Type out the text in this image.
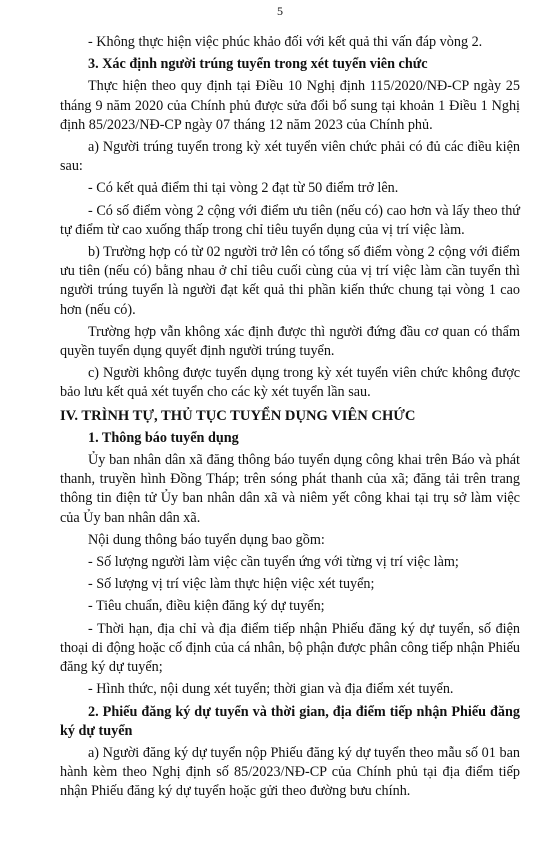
5

- Không thực hiện việc phúc khảo đối với kết quả thi vấn đáp vòng 2.

3. Xác định người trúng tuyển trong xét tuyển viên chức

Thực hiện theo quy định tại Điều 10 Nghị định 115/2020/NĐ-CP ngày 25 tháng 9 năm 2020 của Chính phủ được sửa đổi bổ sung tại khoản 1 Điều 1 Nghị định 85/2023/NĐ-CP ngày 07 tháng 12 năm 2023 của Chính phủ.

a) Người trúng tuyển trong kỳ xét tuyển viên chức phải có đủ các điều kiện sau:

- Có kết quả điểm thi tại vòng 2 đạt từ 50 điểm trở lên.

- Có số điểm vòng 2 cộng với điểm ưu tiên (nếu có) cao hơn và lấy theo thứ tự điểm từ cao xuống thấp trong chỉ tiêu tuyển dụng của vị trí việc làm.

b) Trường hợp có từ 02 người trở lên có tổng số điểm vòng 2 cộng với điểm ưu tiên (nếu có) bằng nhau ở chỉ tiêu cuối cùng của vị trí việc làm cần tuyển thì người trúng tuyển là người đạt kết quả thi phần kiến thức chung tại vòng 1 cao hơn (nếu có).

Trường hợp vẫn không xác định được thì người đứng đầu cơ quan có thẩm quyền tuyển dụng quyết định người trúng tuyển.

c) Người không được tuyển dụng trong kỳ xét tuyển viên chức không được bảo lưu kết quả xét tuyển cho các kỳ xét tuyển lần sau.

IV. TRÌNH TỰ, THỦ TỤC TUYỂN DỤNG VIÊN CHỨC

1. Thông báo tuyển dụng

Ủy ban nhân dân xã đăng thông báo tuyển dụng công khai trên Báo và phát thanh, truyền hình Đồng Tháp; trên sóng phát thanh của xã; đăng tải trên trang thông tin điện tử Ủy ban nhân dân xã và niêm yết công khai tại trụ sở làm việc của Ủy ban nhân dân xã.

Nội dung thông báo tuyển dụng bao gồm:

- Số lượng người làm việc cần tuyển ứng với từng vị trí việc làm;

- Số lượng vị trí việc làm thực hiện việc xét tuyển;

- Tiêu chuẩn, điều kiện đăng ký dự tuyển;

- Thời hạn, địa chỉ và địa điểm tiếp nhận Phiếu đăng ký dự tuyển, số điện thoại di động hoặc cố định của cá nhân, bộ phận được phân công tiếp nhận Phiếu đăng ký dự tuyển;

- Hình thức, nội dung xét tuyển; thời gian và địa điểm xét tuyển.

2. Phiếu đăng ký dự tuyển và thời gian, địa điểm tiếp nhận Phiếu đăng ký dự tuyển

a) Người đăng ký dự tuyển nộp Phiếu đăng ký dự tuyển theo mẫu số 01 ban hành kèm theo Nghị định số 85/2023/NĐ-CP của Chính phủ tại địa điểm tiếp nhận Phiếu đăng ký dự tuyển hoặc gửi theo đường bưu chính.
